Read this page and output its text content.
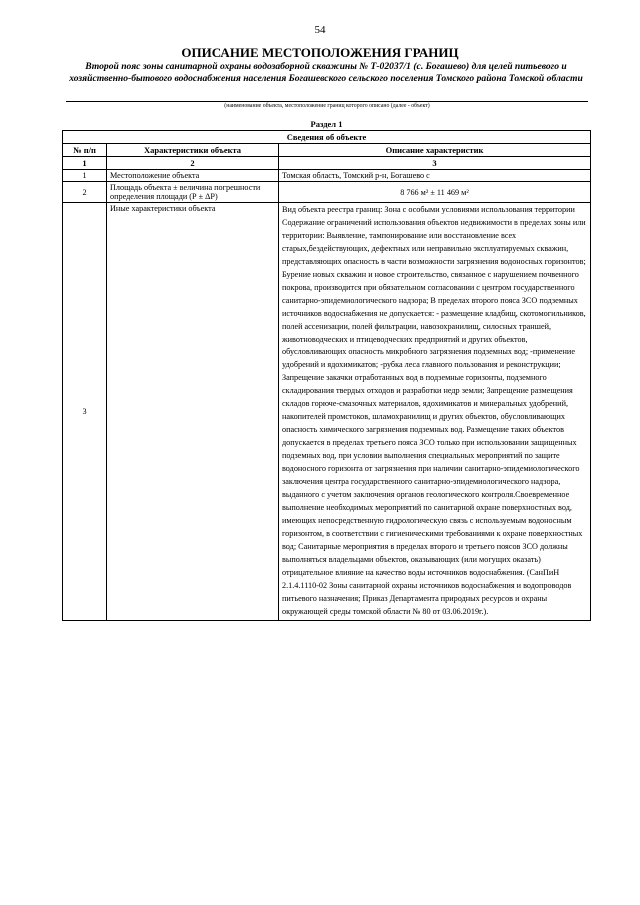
54
ОПИСАНИЕ МЕСТОПОЛОЖЕНИЯ ГРАНИЦ
Второй пояс зоны санитарной охраны водозаборной скважины № Т-02037/1 (с. Богашево) для целей питьевого и хозяйственно-бытового водоснабжения населения Богашевского сельского поселения Томского района Томской области
(наименование объекта, местоположение границ которого описано (далее - объект)
Раздел 1		
Сведения об объекте		
№ п/п	Характеристики объекта	Описание характеристик
1	2	3
1	Местоположение объекта	Томская область, Томский р-н, Богашево с
2	Площадь объекта ± величина погрешности определения площади (Р ± ΔР)	8 766 м² ± 11 469 м²
3	Иные характеристики объекта	Вид объекта реестра границ: Зона с особыми условиями использования территории Содержание ограничений использования объектов недвижимости в пределах зоны или территории: Выявление, тампонирование или восстановление всех старых,бездействующих, дефектных или неправильно эксплуатируемых скважин, представляющих опасность в части возможности загрязнения водоносных горизонтов; Бурение новых скважин и новое строительство, связанное с нарушением почвенного покрова, производится при обязательном согласовании с центром государственного санитарно-эпидемиологического надзора; В пределах второго пояса ЗСО подземных источников водоснабжения не допускается: - размещение кладбищ, скотомогильников, полей ассенизации, полей фильтрации, навозохранилищ, силосных траншей, животноводческих и птицеводческих предприятий и других объектов, обусловливающих опасность микробного загрязнения подземных вод; -применение удобрений и ядохимикатов; -рубка леса главного пользования и реконструкции; Запрещение закачки отработанных вод в подземные горизонты, подземного складирования твердых отходов и разработки недр земли; Запрещение размещения складов горюче-смазочных материалов, ядохимикатов и минеральных удобрений, накопителей промстоков, шламохранилищ и других объектов, обусловливающих опасность химического загрязнения подземных вод. Размещение таких объектов допускается в пределах третьего пояса ЗСО только при использовании защищенных подземных вод, при условии выполнения специальных мероприятий по защите водоносного горизонта от загрязнения при наличии санитарно-эпидемиологического заключения центра государственного санитарно-эпидемиологического надзора, выданного с учетом заключения органов геологического контроля.Своевременное выполнение необходимых мероприятий по санитарной охране поверхностных вод, имеющих непосредственную гидрологическую связь с используемым водоносным горизонтом, в соответствии с гигиеническими требованиями к охране поверхностных вод; Санитарные мероприятия в пределах второго и третьего поясов ЗСО должны выполняться владельцами объектов, оказывающих (или могущих оказать) отрицательное влияние на качество воды источников водоснабжения. (СанПиН 2.1.4.1110-02 Зоны санитарной охраны источников водоснабжения и водопроводов питьевого назначения; Приказ Департамента природных ресурсов и охраны окружающей среды томской области № 80 от 03.06.2019г.).
